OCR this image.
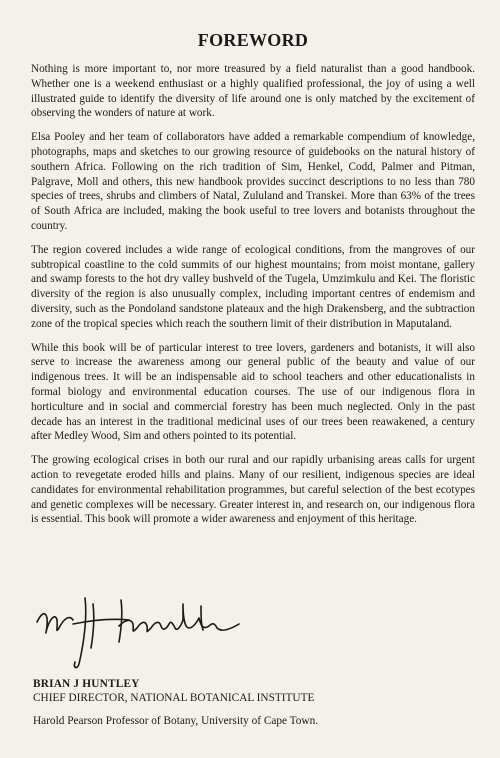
FOREWORD

Nothing is more important to, nor more treasured by a field naturalist than a good handbook. Whether one is a weekend enthusiast or a highly qualified professional, the joy of using a well illustrated guide to identify the diversity of life around one is only matched by the excitement of observing the wonders of nature at work.

Elsa Pooley and her team of collaborators have added a remarkable compendium of knowledge, photographs, maps and sketches to our growing resource of guidebooks on the natural history of southern Africa. Following on the rich tradition of Sim, Henkel, Codd, Palmer and Pitman, Palgrave, Moll and others, this new handbook provides succinct descriptions to no less than 780 species of trees, shrubs and climbers of Natal, Zululand and Transkei. More than 63% of the trees of South Africa are included, making the book useful to tree lovers and botanists throughout the country.

The region covered includes a wide range of ecological conditions, from the mangroves of our subtropical coastline to the cold summits of our highest mountains; from moist montane, gallery and swamp forests to the hot dry valley bushveld of the Tugela, Umzimkulu and Kei. The floristic diversity of the region is also unusually complex, including important centres of endemism and diversity, such as the Pondoland sandstone plateaux and the high Drakensberg, and the subtraction zone of the tropical species which reach the southern limit of their distribution in Maputaland.

While this book will be of particular interest to tree lovers, gardeners and botanists, it will also serve to increase the awareness among our general public of the beauty and value of our indigenous trees. It will be an indispensable aid to school teachers and other educationalists in formal biology and environmental education courses. The use of our indigenous flora in horticulture and in social and commercial forestry has been much neglected. Only in the past decade has an interest in the traditional medicinal uses of our trees been reawakened, a century after Medley Wood, Sim and others pointed to its potential.

The growing ecological crises in both our rural and our rapidly urbanising areas calls for urgent action to revegetate eroded hills and plains. Many of our resilient, indigenous species are ideal candidates for environmental rehabilitation programmes, but careful selection of the best ecotypes and genetic complexes will be necessary. Greater interest in, and research on, our indigenous flora is essential. This book will promote a wider awareness and enjoyment of this heritage.

BRIAN J HUNTLEY
CHIEF DIRECTOR, NATIONAL BOTANICAL INSTITUTE
Harold Pearson Professor of Botany, University of Cape Town.
